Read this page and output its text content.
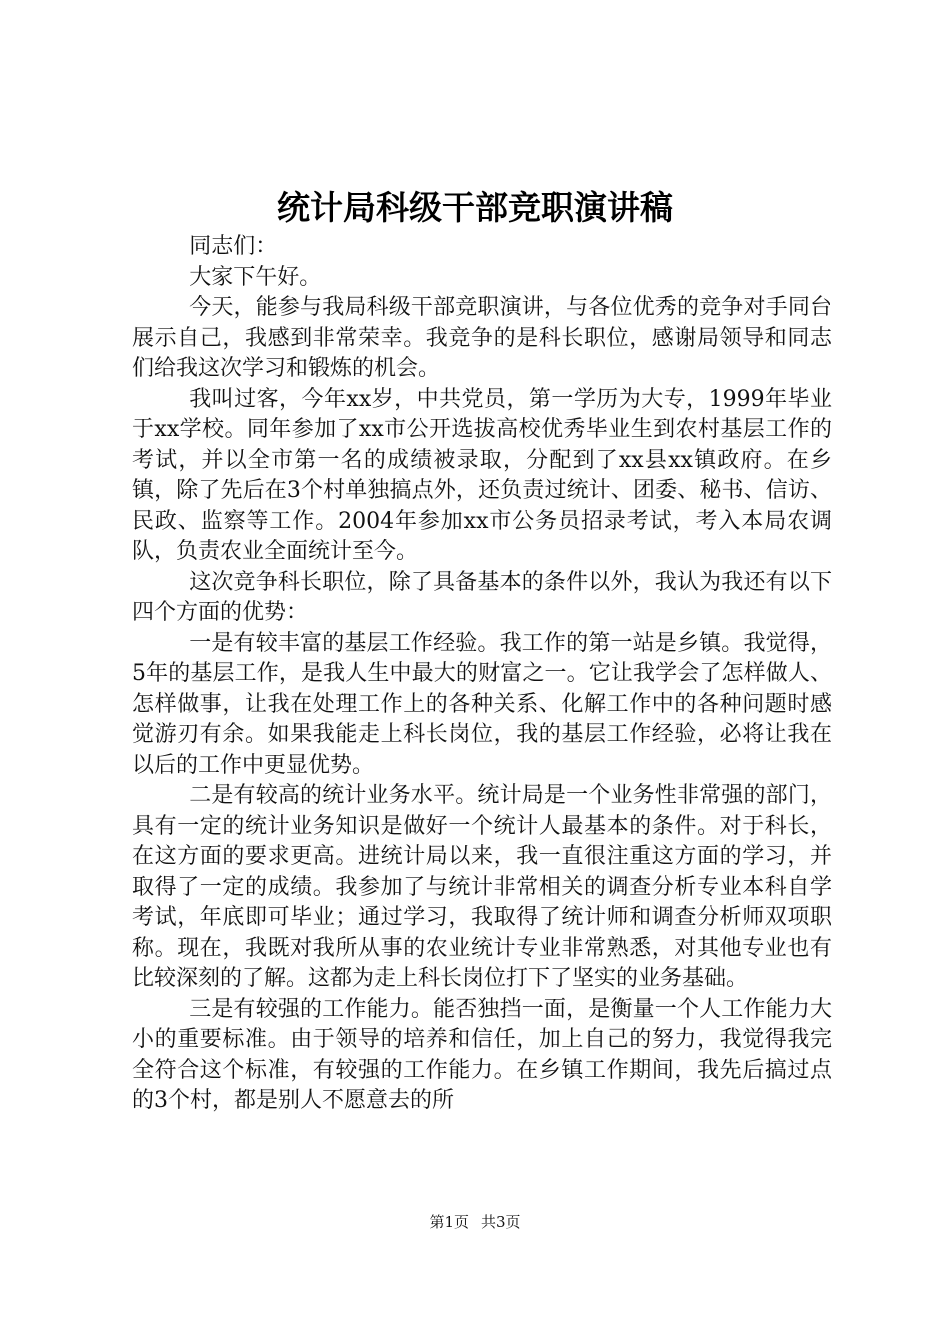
统计局科级干部竞职演讲稿

同志们：

大家下午好。

今天，能参与我局科级干部竞职演讲，与各位优秀的竞争对手同台展示自己，我感到非常荣幸。我竞争的是科长职位，感谢局领导和同志们给我这次学习和锻炼的机会。

我叫过客，今年xx岁，中共党员，第一学历为大专，1999年毕业于xx学校。同年参加了xx市公开选拔高校优秀毕业生到农村基层工作的考试，并以全市第一名的成绩被录取，分配到了xx县xx镇政府。在乡镇，除了先后在3个村单独搞点外，还负责过统计、团委、秘书、信访、民政、监察等工作。2004年参加xx市公务员招录考试，考入本局农调队，负责农业全面统计至今。

这次竞争科长职位，除了具备基本的条件以外，我认为我还有以下四个方面的优势：

一是有较丰富的基层工作经验。我工作的第一站是乡镇。我觉得，5年的基层工作，是我人生中最大的财富之一。它让我学会了怎样做人、怎样做事，让我在处理工作上的各种关系、化解工作中的各种问题时感觉游刃有余。如果我能走上科长岗位，我的基层工作经验，必将让我在以后的工作中更显优势。

二是有较高的统计业务水平。统计局是一个业务性非常强的部门，具有一定的统计业务知识是做好一个统计人最基本的条件。对于科长，在这方面的要求更高。进统计局以来，我一直很注重这方面的学习，并取得了一定的成绩。我参加了与统计非常相关的调查分析专业本科自学考试，年底即可毕业；通过学习，我取得了统计师和调查分析师双项职称。现在，我既对我所从事的农业统计专业非常熟悉，对其他专业也有比较深刻的了解。这都为走上科长岗位打下了坚实的业务基础。

三是有较强的工作能力。能否独挡一面，是衡量一个人工作能力大小的重要标准。由于领导的培养和信任，加上自己的努力，我觉得我完全符合这个标准，有较强的工作能力。在乡镇工作期间，我先后搞过点的3个村，都是别人不愿意去的所

第1页 共3页
